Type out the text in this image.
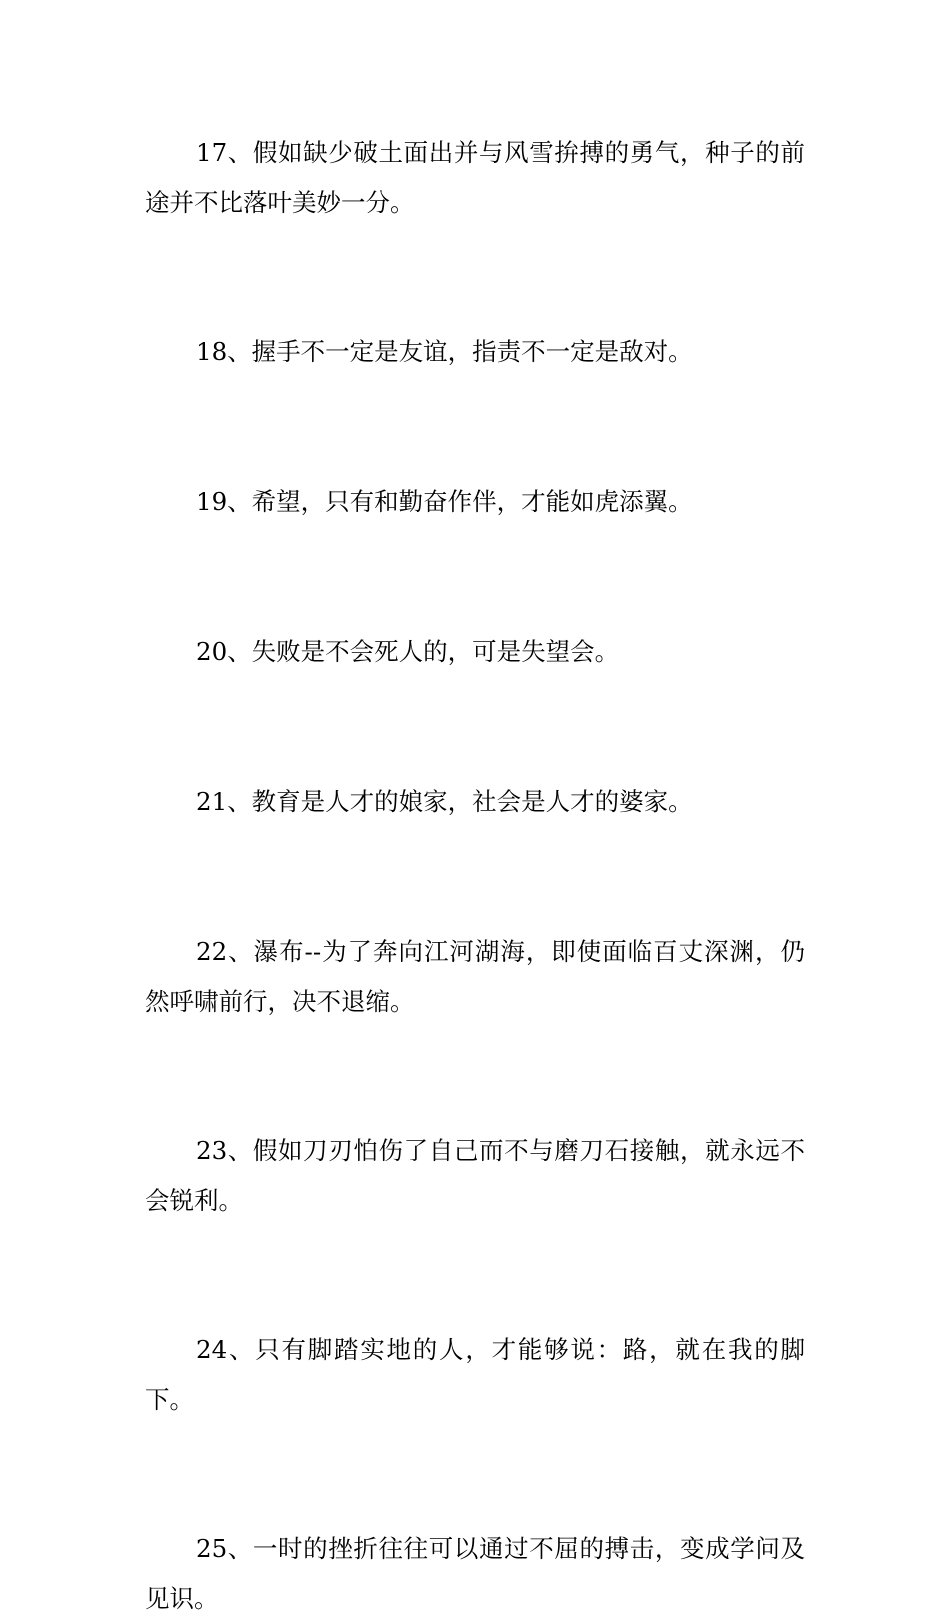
17、假如缺少破土面出并与风雪拚搏的勇气，种子的前途并不比落叶美妙一分。

18、握手不一定是友谊，指责不一定是敌对。

19、希望，只有和勤奋作伴，才能如虎添翼。

20、失败是不会死人的，可是失望会。

21、教育是人才的娘家，社会是人才的婆家。

22、瀑布--为了奔向江河湖海，即使面临百丈深渊，仍然呼啸前行，决不退缩。

23、假如刀刃怕伤了自己而不与磨刀石接触，就永远不会锐利。

24、只有脚踏实地的人，才能够说：路，就在我的脚下。

25、一时的挫折往往可以通过不屈的搏击，变成学问及见识。
